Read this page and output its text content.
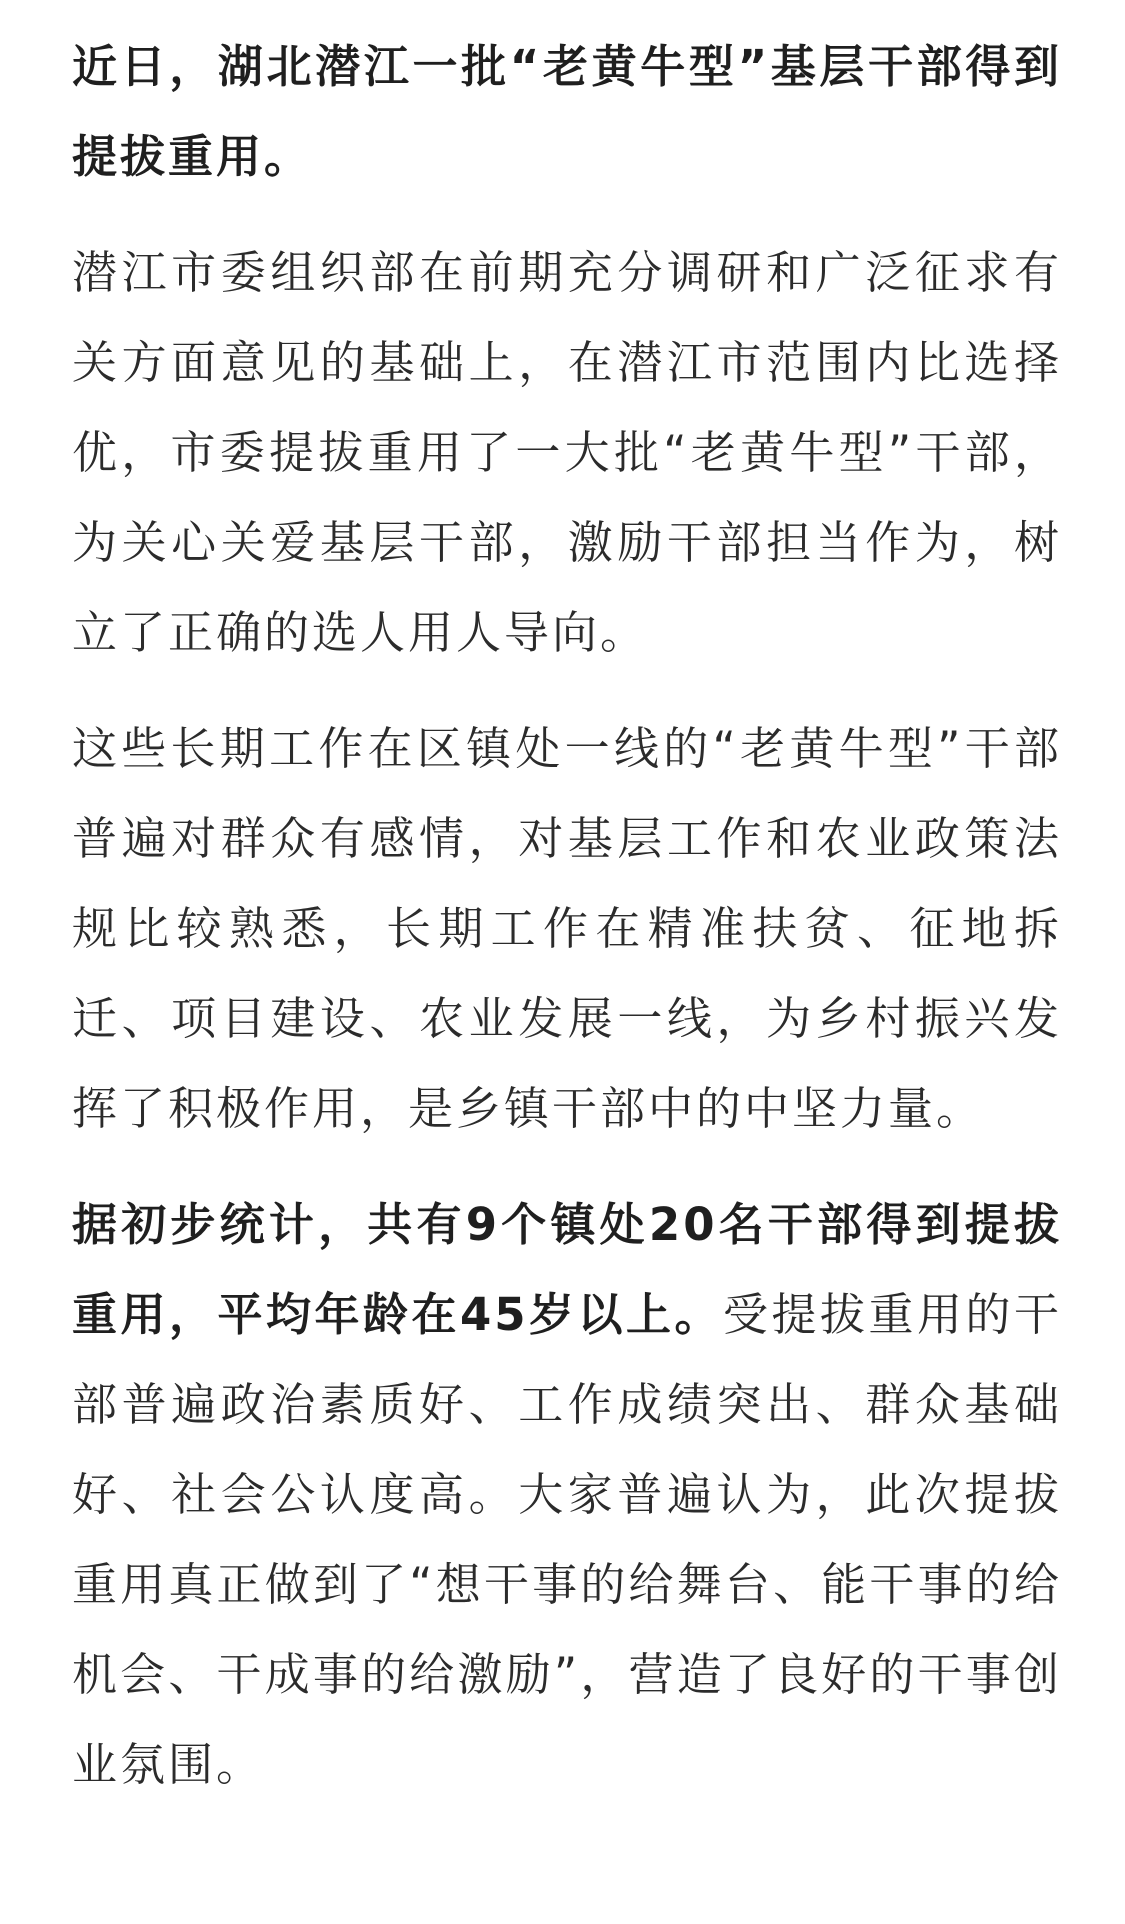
近日，湖北潜江一批“老黄牛型”基层干部得到提拔重用。

潜江市委组织部在前期充分调研和广泛征求有关方面意见的基础上，在潜江市范围内比选择优，市委提拔重用了一大批“老黄牛型”干部，为关心关爱基层干部，激励干部担当作为，树立了正确的选人用人导向。

这些长期工作在区镇处一线的“老黄牛型”干部普遍对群众有感情，对基层工作和农业政策法规比较熟悉，长期工作在精准扶贫、征地拆迁、项目建设、农业发展一线，为乡村振兴发挥了积极作用，是乡镇干部中的中坚力量。

据初步统计，共有9个镇处20名干部得到提拔重用，平均年龄在45岁以上。受提拔重用的干部普遍政治素质好、工作成绩突出、群众基础好、社会公认度高。大家普遍认为，此次提拔重用真正做到了“想干事的给舞台、能干事的给机会、干成事的给激励”，营造了良好的干事创业氛围。
